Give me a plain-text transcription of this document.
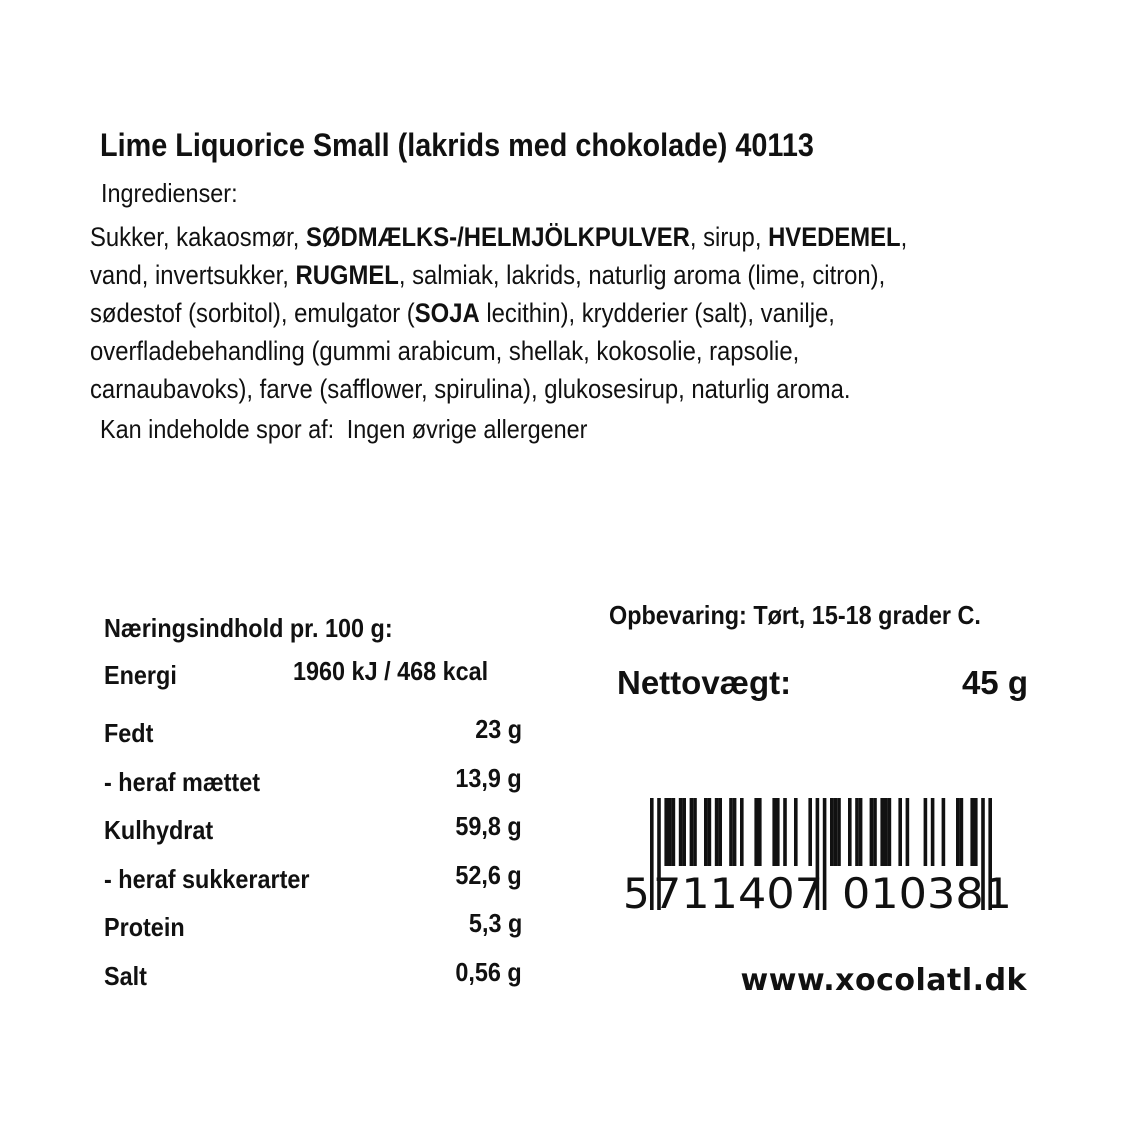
Lime Liquorice Small (lakrids med chokolade) 40113
Ingredienser:
Sukker, kakaosmør, SØDMÆLKS-/HELMJÖLKPULVER, sirup, HVEDEMEL,
vand, invertsukker, RUGMEL, salmiak, lakrids, naturlig aroma (lime, citron),
sødestof (sorbitol), emulgator (SOJA lecithin), krydderier (salt), vanilje,
overfladebehandling (gummi arabicum, shellak, kokosolie, rapsolie,
carnaubavoks), farve (safflower, spirulina), glukosesirup, naturlig aroma.
Kan indeholde spor af: Ingen øvrige allergener
Næringsindhold pr. 100 g:
Energi	1960 kJ / 468 kcal
Fedt	23 g
- heraf mættet	13,9 g
Kulhydrat	59,8 g
- heraf sukkerarter	52,6 g
Protein	5,3 g
Salt	0,56 g
Opbevaring: Tørt, 15-18 grader C.
Nettovægt:	45 g
5 711407 010381
www.xocolatl.dk
